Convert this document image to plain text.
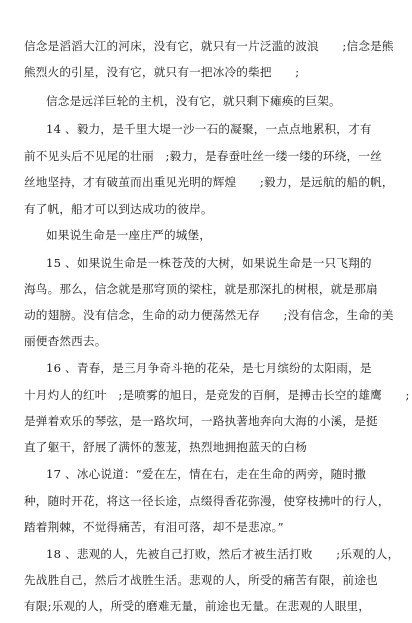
信念是滔滔大江的河床，没有它，就只有一片泛滥的波浪　　;信念是熊
熊烈火的引星，没有它，就只有一把冰冷的柴把　　;
信念是远洋巨轮的主机，没有它，就只剩下瘫痪的巨架。
14 、毅力，是千里大堤一沙一石的凝聚，一点点地累积，才有
前不见头后不见尾的壮丽　;毅力，是春蚕吐丝一缕一缕的环绕，一丝
丝地坚持，才有破茧而出重见光明的辉煌　　;毅力，是远航的船的帆，
有了帆，船才可以到达成功的彼岸。
如果说生命是一座庄严的城堡，
15 、如果说生命是一株苍茂的大树，如果说生命是一只飞翔的
海鸟。那么，信念就是那穹顶的梁柱，就是那深扎的树根，就是那扇
动的翅膀。没有信念，生命的动力便荡然无存　　;没有信念，生命的美
丽便杳然西去。
16 、青春，是三月争奇斗艳的花朵，是七月缤纷的太阳雨，是
十月灼人的红叶　;是喷雾的旭日，是竞发的百舸，是搏击长空的雄鹰　　;
是弹着欢乐的琴弦，是一路坎坷，一路执著地奔向大海的小溪，是挺
直了躯干，舒展了满怀的葱茏，热烈地拥抱蓝天的白杨
17 、冰心说道：“爱在左，情在右，走在生命的两旁，随时撒
种，随时开花，将这一径长途，点缀得香花弥漫，使穿枝拂叶的行人，
踏着荆棘，不觉得痛苦，有泪可落，却不是悲凉。”
18 、悲观的人，先被自己打败，然后才被生活打败　　;乐观的人，
先战胜自己，然后才战胜生活。悲观的人，所受的痛苦有限，前途也
有限;乐观的人，所受的磨难无量，前途也无量。在悲观的人眼里，
